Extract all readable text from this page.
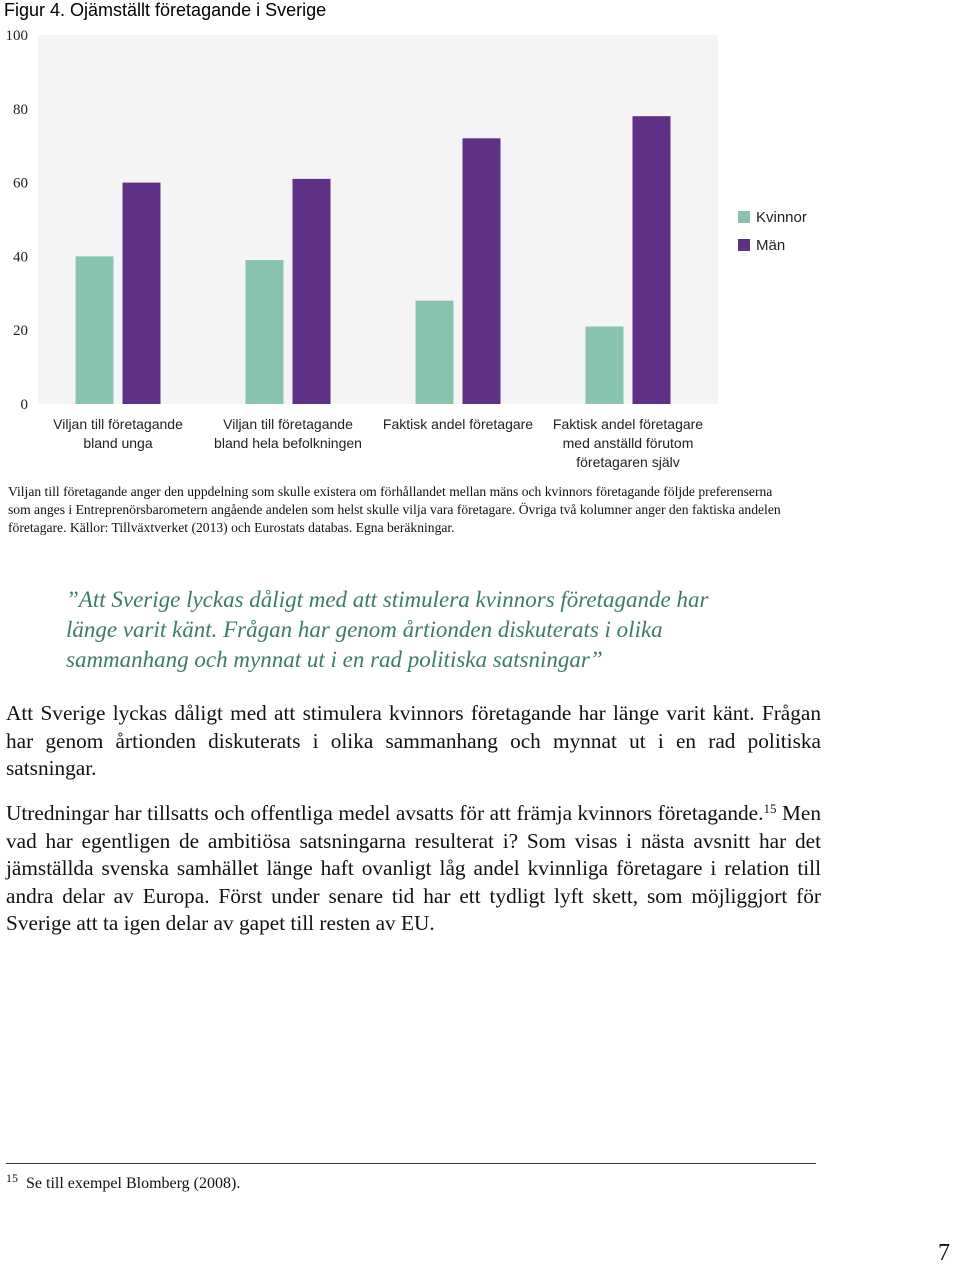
Figur 4. Ojämställt företagande i Sverige
0
20
40
60
80
100
Viljan till företagande
bland unga
Viljan till företagande
bland hela befolkningen
Faktisk andel företagare Faktisk andel företagare
med anställd förutom
företagaren själv
Kvinnor
Män
Viljan till företagande anger den uppdelning som skulle existera om förhållandet mellan mäns och kvinnors företagande följde preferenserna som anges i Entreprenörsbarometern angående andelen som helst skulle vilja vara företagare. Övriga två kolumner anger den faktiska andelen företagare. Källor: Tillväxtverket (2013) och Eurostats databas. Egna beräkningar.
”Att Sverige lyckas dåligt med att stimulera kvinnors företagande har länge varit känt. Frågan har genom årtionden diskuterats i olika sammanhang och mynnat ut i en rad politiska satsningar”

Att Sverige lyckas dåligt med att stimulera kvinnors företagande har länge varit känt. Frågan har genom årtionden diskuterats i olika sammanhang och mynnat ut i en rad politiska satsningar.

Utredningar har tillsatts och offentliga medel avsatts för att främja kvinnors företagande.$^{15}$ Men vad har egentligen de ambitiösa satsningarna resulterat i? Som visas i nästa avsnitt har det jämställda svenska samhället länge haft ovanligt låg andel kvinnliga företagare i relation till andra delar av Europa. Först under senare tid har ett tydligt lyft skett, som möjliggjort för Sverige att ta igen delar av gapet till resten av EU.

$^{15}$ Se till exempel Blomberg (2008).
7
